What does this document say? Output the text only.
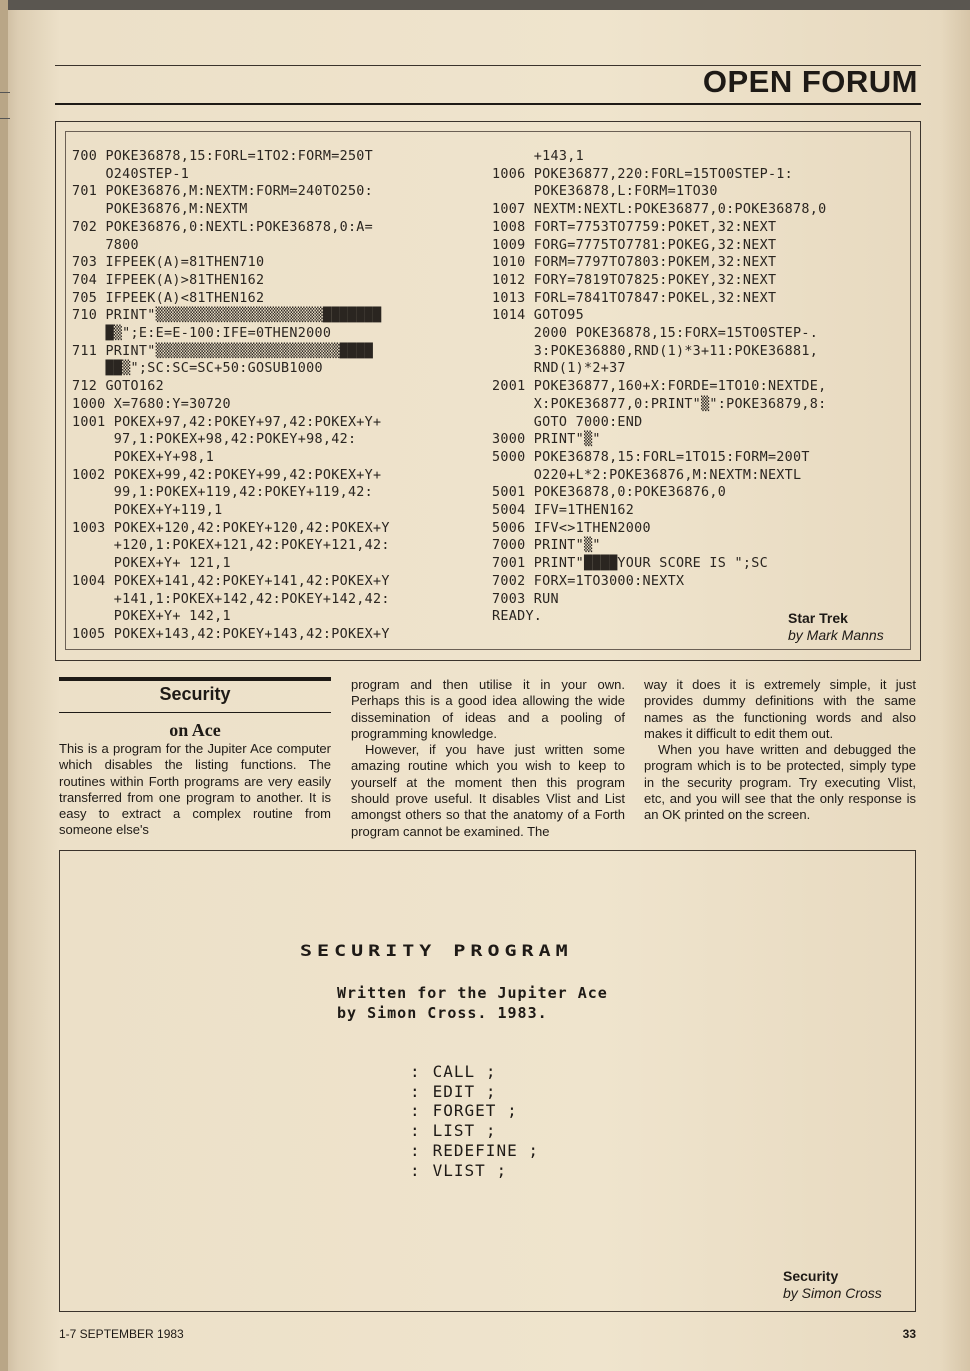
OPEN FORUM
700 POKE36878,15:FORL=1TO2:FORM=250T
O240STEP-1
701 POKE36876,M:NEXTM:FORM=240TO250:
POKE36876,M:NEXTM
702 POKE36876,0:NEXTL:POKE36878,0:A=
7800
703 IFPEEK(A)=81THEN710
704 IFPEEK(A)>81THEN162
705 IFPEEK(A)<81THEN162
710 PRINT"▒▒▒▒▒▒▒▒▒▒▒▒▒▒▒▒▒▒▒▒███████
█▒";E:E=E-100:IFE=0THEN2000
711 PRINT"▒▒▒▒▒▒▒▒▒▒▒▒▒▒▒▒▒▒▒▒▒▒████
██▒";SC:SC=SC+50:GOSUB1000
712 GOTO162
1000 X=7680:Y=30720
1001 POKEX+97,42:POKEY+97,42:POKEX+Y+
97,1:POKEX+98,42:POKEY+98,42:
POKEX+Y+98,1
1002 POKEX+99,42:POKEY+99,42:POKEX+Y+
99,1:POKEX+119,42:POKEY+119,42:
POKEX+Y+119,1
1003 POKEX+120,42:POKEY+120,42:POKEX+Y
+120,1:POKEX+121,42:POKEY+121,42:
POKEX+Y+ 121,1
1004 POKEX+141,42:POKEY+141,42:POKEX+Y
+141,1:POKEX+142,42:POKEY+142,42:
POKEX+Y+ 142,1
1005 POKEX+143,42:POKEY+143,42:POKEX+Y
+143,1
1006 POKE36877,220:FORL=15TO0STEP-1:
POKE36878,L:FORM=1TO30
1007 NEXTM:NEXTL:POKE36877,0:POKE36878,0
1008 FORT=7753TO7759:POKET,32:NEXT
1009 FORG=7775TO7781:POKEG,32:NEXT
1010 FORM=7797TO7803:POKEM,32:NEXT
1012 FORY=7819TO7825:POKEY,32:NEXT
1013 FORL=7841TO7847:POKEL,32:NEXT
1014 GOTO95
2000 POKE36878,15:FORX=15TO0STEP-.
3:POKE36880,RND(1)*3+11:POKE36881,
RND(1)*2+37
2001 POKE36877,160+X:FORDE=1TO10:NEXTDE,
X:POKE36877,0:PRINT"▒":POKE36879,8:
GOTO 7000:END
3000 PRINT"▒"
5000 POKE36878,15:FORL=1TO15:FORM=200T
O220+L*2:POKE36876,M:NEXTM:NEXTL
5001 POKE36878,0:POKE36876,0
5004 IFV=1THEN162
5006 IFV<>1THEN2000
7000 PRINT"▒"
7001 PRINT"████YOUR SCORE IS ";SC
7002 FORX=1TO3000:NEXTX
7003 RUN
READY.	Star Trek

by Mark Manns

Security
on Ace
This is a program for the Jupiter Ace computer which disables the listing functions. The routines within Forth programs are very easily transferred from one program to another. It is easy to extract a complex routine from someone else's
program and then utilise it in your own. Perhaps this is a good idea allowing the wide dissemination of ideas and a pooling of programming knowledge.
However, if you have just written some amazing routine which you wish to keep to yourself at the moment then this program should prove useful. It disables Vlist and List amongst others so that the anatomy of a Forth program cannot be examined. The
way it does it is extremely simple, it just provides dummy definitions with the same names as the functioning words and also makes it difficult to edit them out.
When you have written and debugged the program which is to be protected, simply type in the security program. Try executing Vlist, etc, and you will see that the only response is an OK printed on the screen.

SECURITY PROGRAM

Written for the Jupiter Ace

by Simon Cross. 1983.

: CALL ;
: EDIT ;
: FORGET ;
: LIST ;
: REDEFINE ;
: VLIST ;

Security

by Simon Cross

1-7 SEPTEMBER 1983	33
